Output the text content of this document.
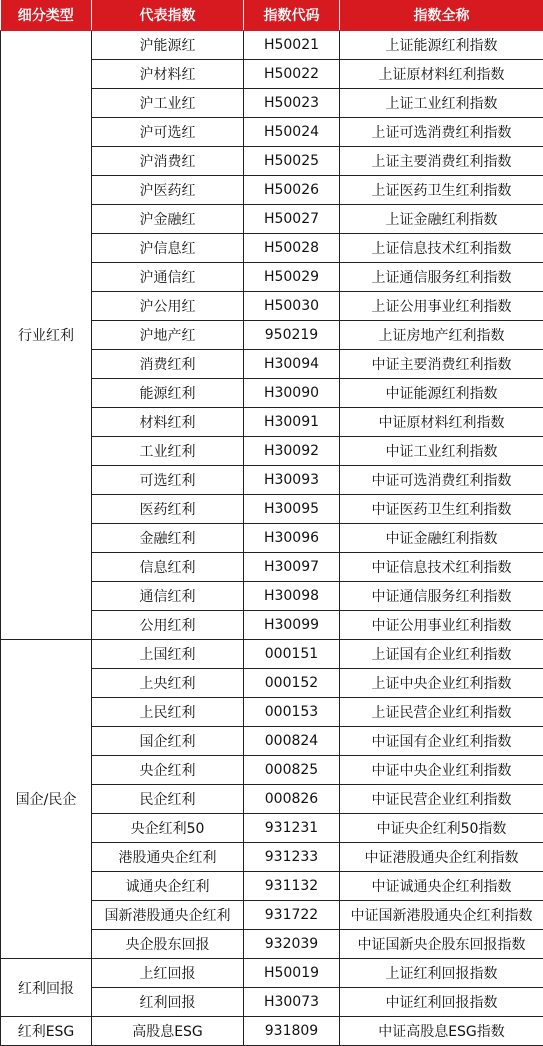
细分类型	代表指数	指数代码	指数全称
行业红利	沪能源红	H50021	上证能源红利指数
	沪材料红	H50022	上证原材料红利指数
	沪工业红	H50023	上证工业红利指数
	沪可选红	H50024	上证可选消费红利指数
	沪消费红	H50025	上证主要消费红利指数
	沪医药红	H50026	上证医药卫生红利指数
	沪金融红	H50027	上证金融红利指数
	沪信息红	H50028	上证信息技术红利指数
	沪通信红	H50029	上证通信服务红利指数
	沪公用红	H50030	上证公用事业红利指数
	沪地产红	950219	上证房地产红利指数
	消费红利	H30094	中证主要消费红利指数
	能源红利	H30090	中证能源红利指数
	材料红利	H30091	中证原材料红利指数
	工业红利	H30092	中证工业红利指数
	可选红利	H30093	中证可选消费红利指数
	医药红利	H30095	中证医药卫生红利指数
	金融红利	H30096	中证金融红利指数
	信息红利	H30097	中证信息技术红利指数
	通信红利	H30098	中证通信服务红利指数
	公用红利	H30099	中证公用事业红利指数
国企/民企	上国红利	000151	上证国有企业红利指数
	上央红利	000152	上证中央企业红利指数
	上民红利	000153	上证民营企业红利指数
	国企红利	000824	中证国有企业红利指数
	央企红利	000825	中证中央企业红利指数
	民企红利	000826	中证民营企业红利指数
	央企红利50	931231	中证央企红利50指数
	港股通央企红利	931233	中证港股通央企红利指数
	诚通央企红利	931132	中证诚通央企红利指数
	国新港股通央企红利	931722	中证国新港股通央企红利指数
	央企股东回报	932039	中证国新央企股东回报指数
红利回报	上红回报	H50019	上证红利回报指数
	红利回报	H30073	中证红利回报指数
红利ESG	高股息ESG	931809	中证高股息ESG指数
